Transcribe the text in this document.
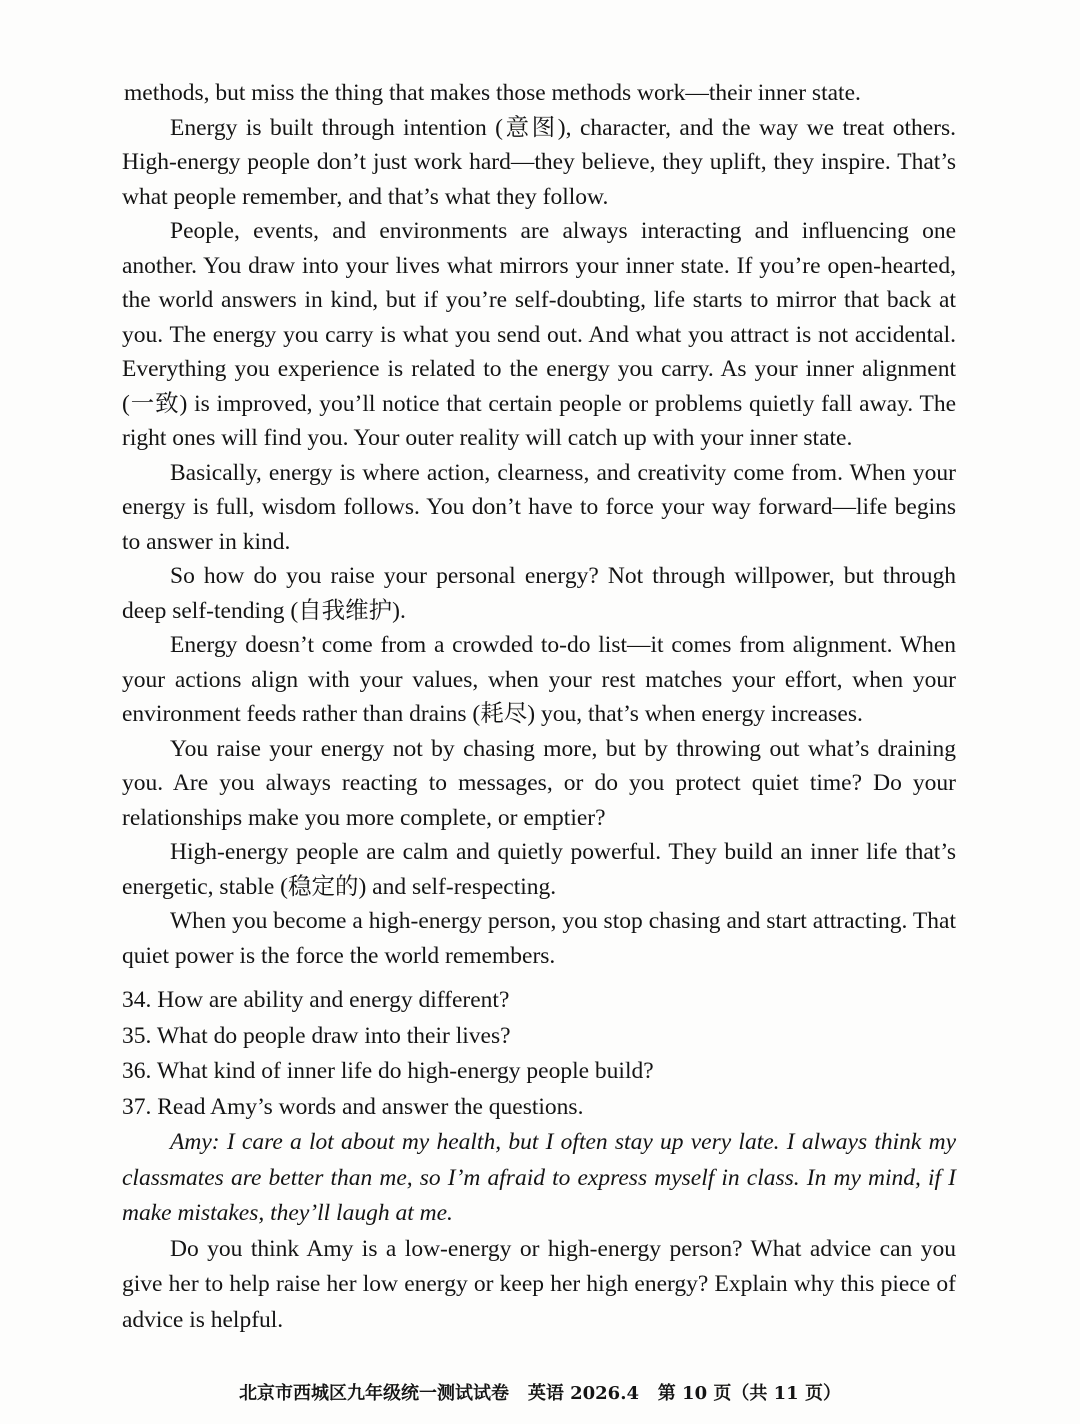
methods, but miss the thing that makes those methods work—their inner state.

Energy is built through intention (意图), character, and the way we treat others. High-energy people don’t just work hard—they believe, they uplift, they inspire. That’s what people remember, and that’s what they follow.

People, events, and environments are always interacting and influencing one another. You draw into your lives what mirrors your inner state. If you’re open-hearted, the world answers in kind, but if you’re self-doubting, life starts to mirror that back at you. The energy you carry is what you send out. And what you attract is not accidental. Everything you experience is related to the energy you carry. As your inner alignment (一致) is improved, you’ll notice that certain people or problems quietly fall away. The right ones will find you. Your outer reality will catch up with your inner state.

Basically, energy is where action, clearness, and creativity come from. When your energy is full, wisdom follows. You don’t have to force your way forward—life begins to answer in kind.

So how do you raise your personal energy? Not through willpower, but through deep self-tending (自我维护).

Energy doesn’t come from a crowded to-do list—it comes from alignment. When your actions align with your values, when your rest matches your effort, when your environment feeds rather than drains (耗尽) you, that’s when energy increases.

You raise your energy not by chasing more, but by throwing out what’s draining you. Are you always reacting to messages, or do you protect quiet time? Do your relationships make you more complete, or emptier?

High-energy people are calm and quietly powerful. They build an inner life that’s energetic, stable (稳定的) and self-respecting.

When you become a high-energy person, you stop chasing and start attracting. That quiet power is the force the world remembers.

34. How are ability and energy different?

35. What do people draw into their lives?

36. What kind of inner life do high-energy people build?

37. Read Amy’s words and answer the questions.

Amy: I care a lot about my health, but I often stay up very late. I always think my classmates are better than me, so I’m afraid to express myself in class. In my mind, if I make mistakes, they’ll laugh at me.

Do you think Amy is a low-energy or high-energy person? What advice can you give her to help raise her low energy or keep her high energy? Explain why this piece of advice is helpful.

北京市西城区九年级统一测试试卷   英语 2026.4   第 10 页（共 11 页）
